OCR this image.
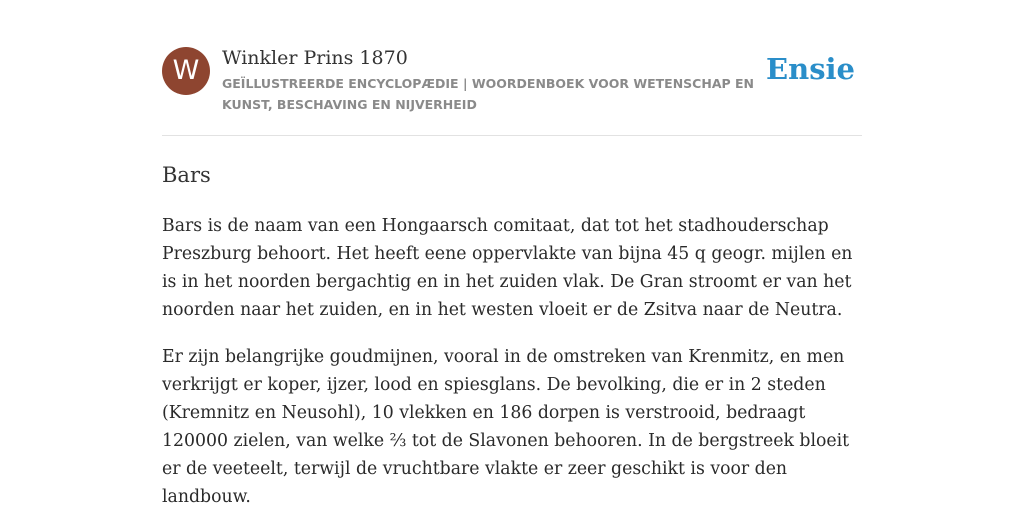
W	Winkler Prins 1870
GEÏLLUSTREERDE ENCYCLOPÆDIE | WOORDENBOEK VOOR WETENSCHAP EN KUNST, BESCHAVING EN NIJVERHEID
Ensie
Bars

Bars is de naam van een Hongaarsch comitaat, dat tot het stadhouderschap Preszburg behoort. Het heeft eene oppervlakte van bijna 45 q geogr. mijlen en is in het noorden bergachtig en in het zuiden vlak. De Gran stroomt er van het noorden naar het zuiden, en in het westen vloeit er de Zsitva naar de Neutra.

Er zijn belangrijke goudmijnen, vooral in de omstreken van Krenmitz, en men verkrijgt er koper, ijzer, lood en spiesglans. De bevolking, die er in 2 steden (Kremnitz en Neusohl), 10 vlekken en 186 dorpen is verstrooid, bedraagt 120000 zielen, van welke ⅔ tot de Slavonen behooren. In de bergstreek bloeit er de veeteelt, terwijl de vruchtbare vlakte er zeer geschikt is voor den landbouw.
